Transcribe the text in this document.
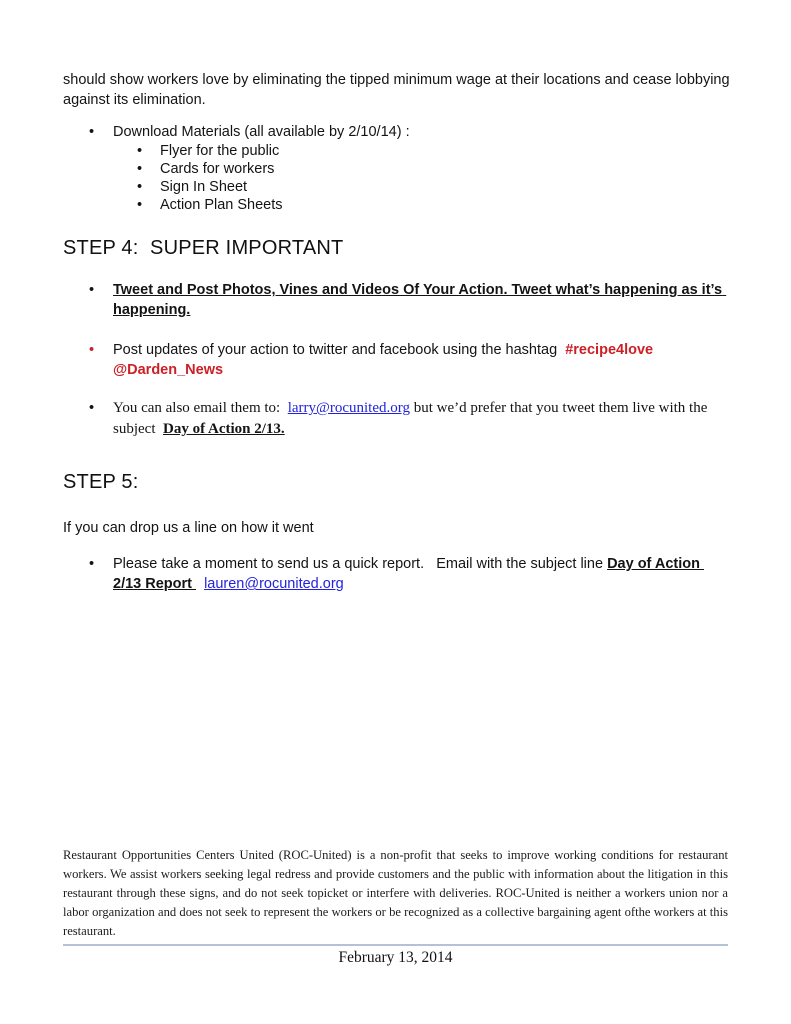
should show workers love by eliminating the tipped minimum wage at their locations and cease lobbying against its elimination.

•
Download Materials (all available by 2/10/14) :
•
Flyer for the public
•
Cards for workers
•
Sign In Sheet
•
Action Plan Sheets
STEP 4:  SUPER IMPORTANT
•
Tweet and Post Photos, Vines and Videos Of Your Action. Tweet what’s happening as it’s happening.
•
Post updates of your action to twitter and facebook using the hashtag  #recipe4love @Darden_News
•
You can also email them to:  larry@rocunited.org but we’d prefer that you tweet them live with the subject  Day of Action 2/13.
STEP 5:

If you can drop us a line on how it went

•
Please take a moment to send us a quick report.   Email with the subject line Day of Action 2/13 Report   lauren@rocunited.org

Restaurant Opportunities Centers United (ROC-United) is a non-profit that seeks to improve working conditions for restaurant workers. We assist workers seeking legal redress and provide customers and the public with information about the litigation in this restaurant through these signs, and do not seek topicket or interfere with deliveries. ROC-United is neither a workers union nor a labor organization and does not seek to represent the workers or be recognized as a collective bargaining agent ofthe workers at this restaurant.

February 13, 2014
